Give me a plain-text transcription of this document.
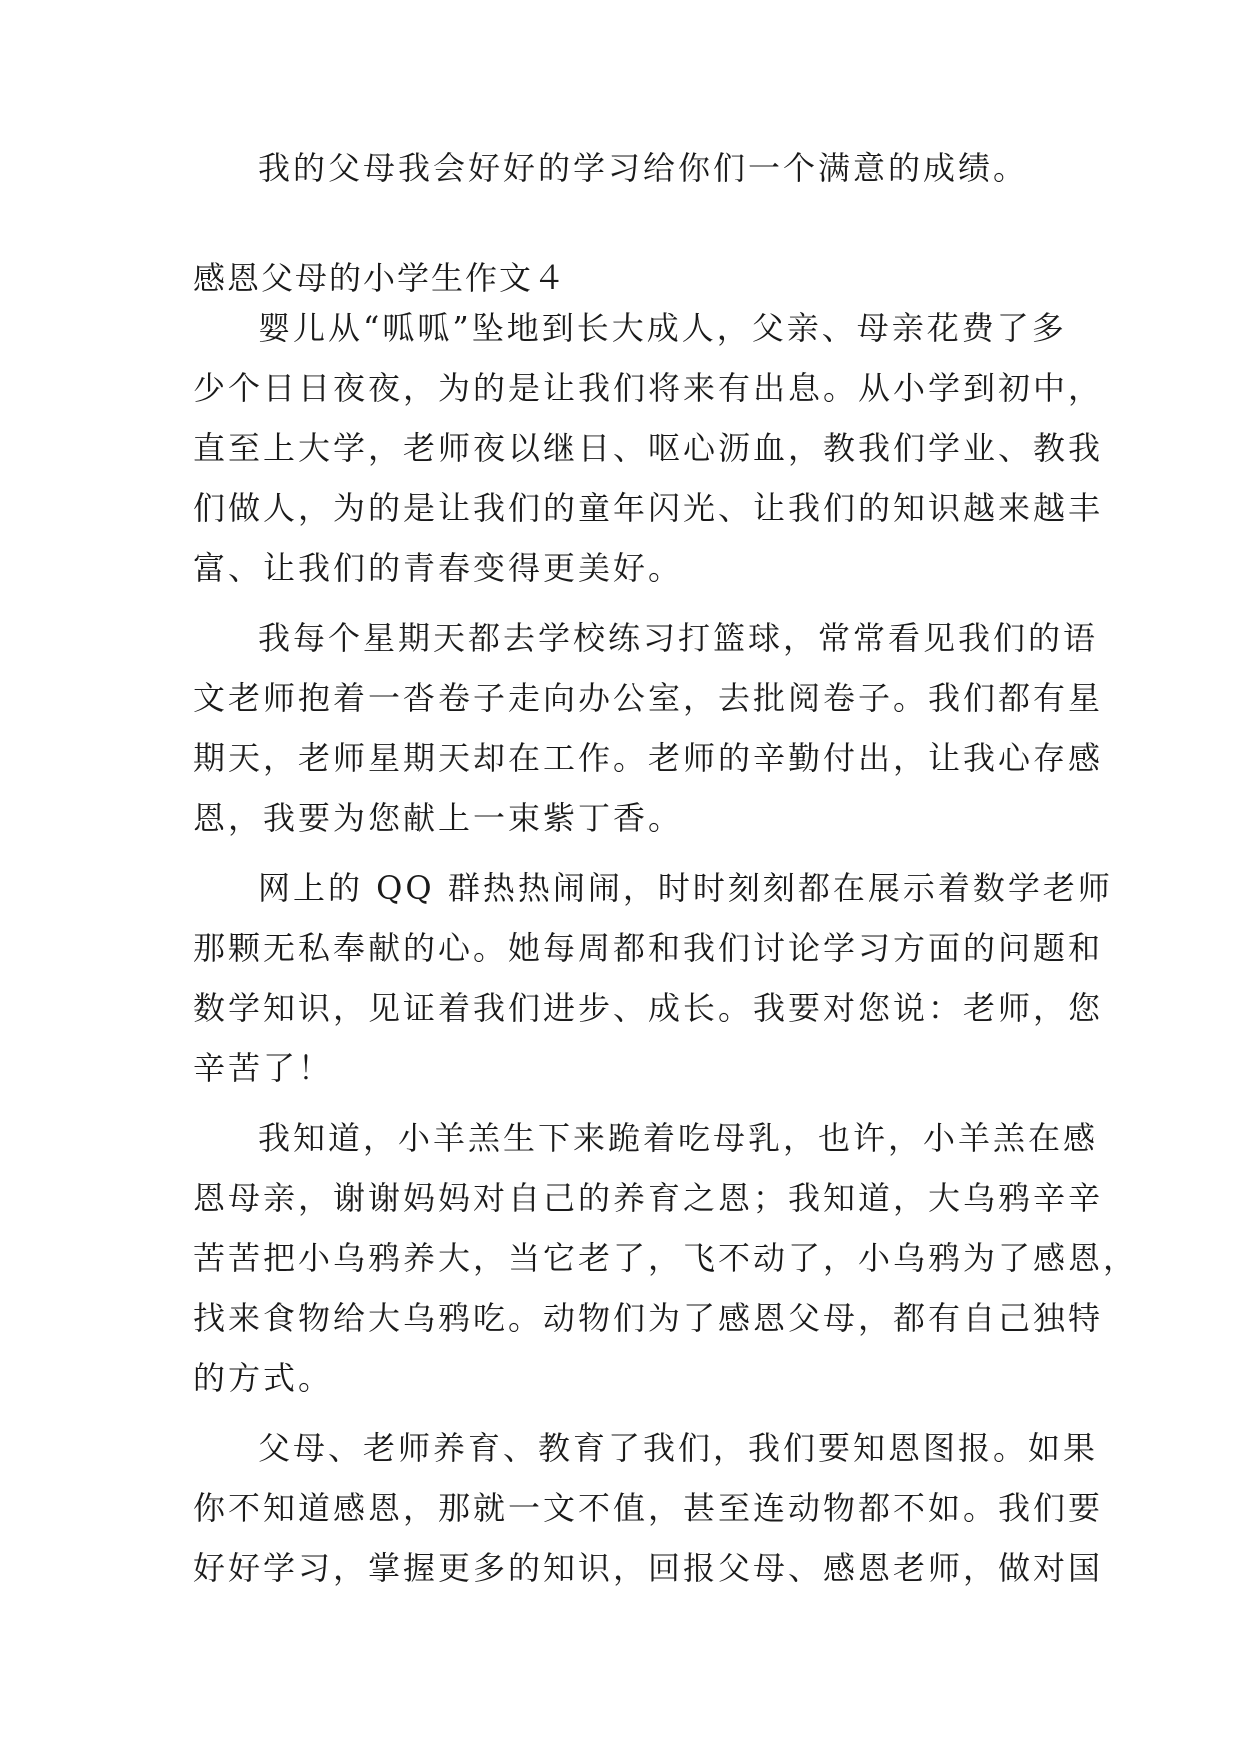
我的父母我会好好的学习给你们一个满意的成绩。
感恩父母的小学生作文４
婴儿从“呱呱”坠地到长大成人，父亲、母亲花费了多
少个日日夜夜，为的是让我们将来有出息。从小学到初中，
直至上大学，老师夜以继日、呕心沥血，教我们学业、教我
们做人，为的是让我们的童年闪光、让我们的知识越来越丰
富、让我们的青春变得更美好。
我每个星期天都去学校练习打篮球，常常看见我们的语
文老师抱着一沓卷子走向办公室，去批阅卷子。我们都有星
期天，老师星期天却在工作。老师的辛勤付出，让我心存感
恩，我要为您献上一束紫丁香。
网上的 QQ 群热热闹闹，时时刻刻都在展示着数学老师
那颗无私奉献的心。她每周都和我们讨论学习方面的问题和
数学知识，见证着我们进步、成长。我要对您说：老师，您
辛苦了！
我知道，小羊羔生下来跪着吃母乳，也许，小羊羔在感
恩母亲，谢谢妈妈对自己的养育之恩；我知道，大乌鸦辛辛
苦苦把小乌鸦养大，当它老了，飞不动了，小乌鸦为了感恩，
找来食物给大乌鸦吃。动物们为了感恩父母，都有自己独特
的方式。
父母、老师养育、教育了我们，我们要知恩图报。如果
你不知道感恩，那就一文不值，甚至连动物都不如。我们要
好好学习，掌握更多的知识，回报父母、感恩老师，做对国
